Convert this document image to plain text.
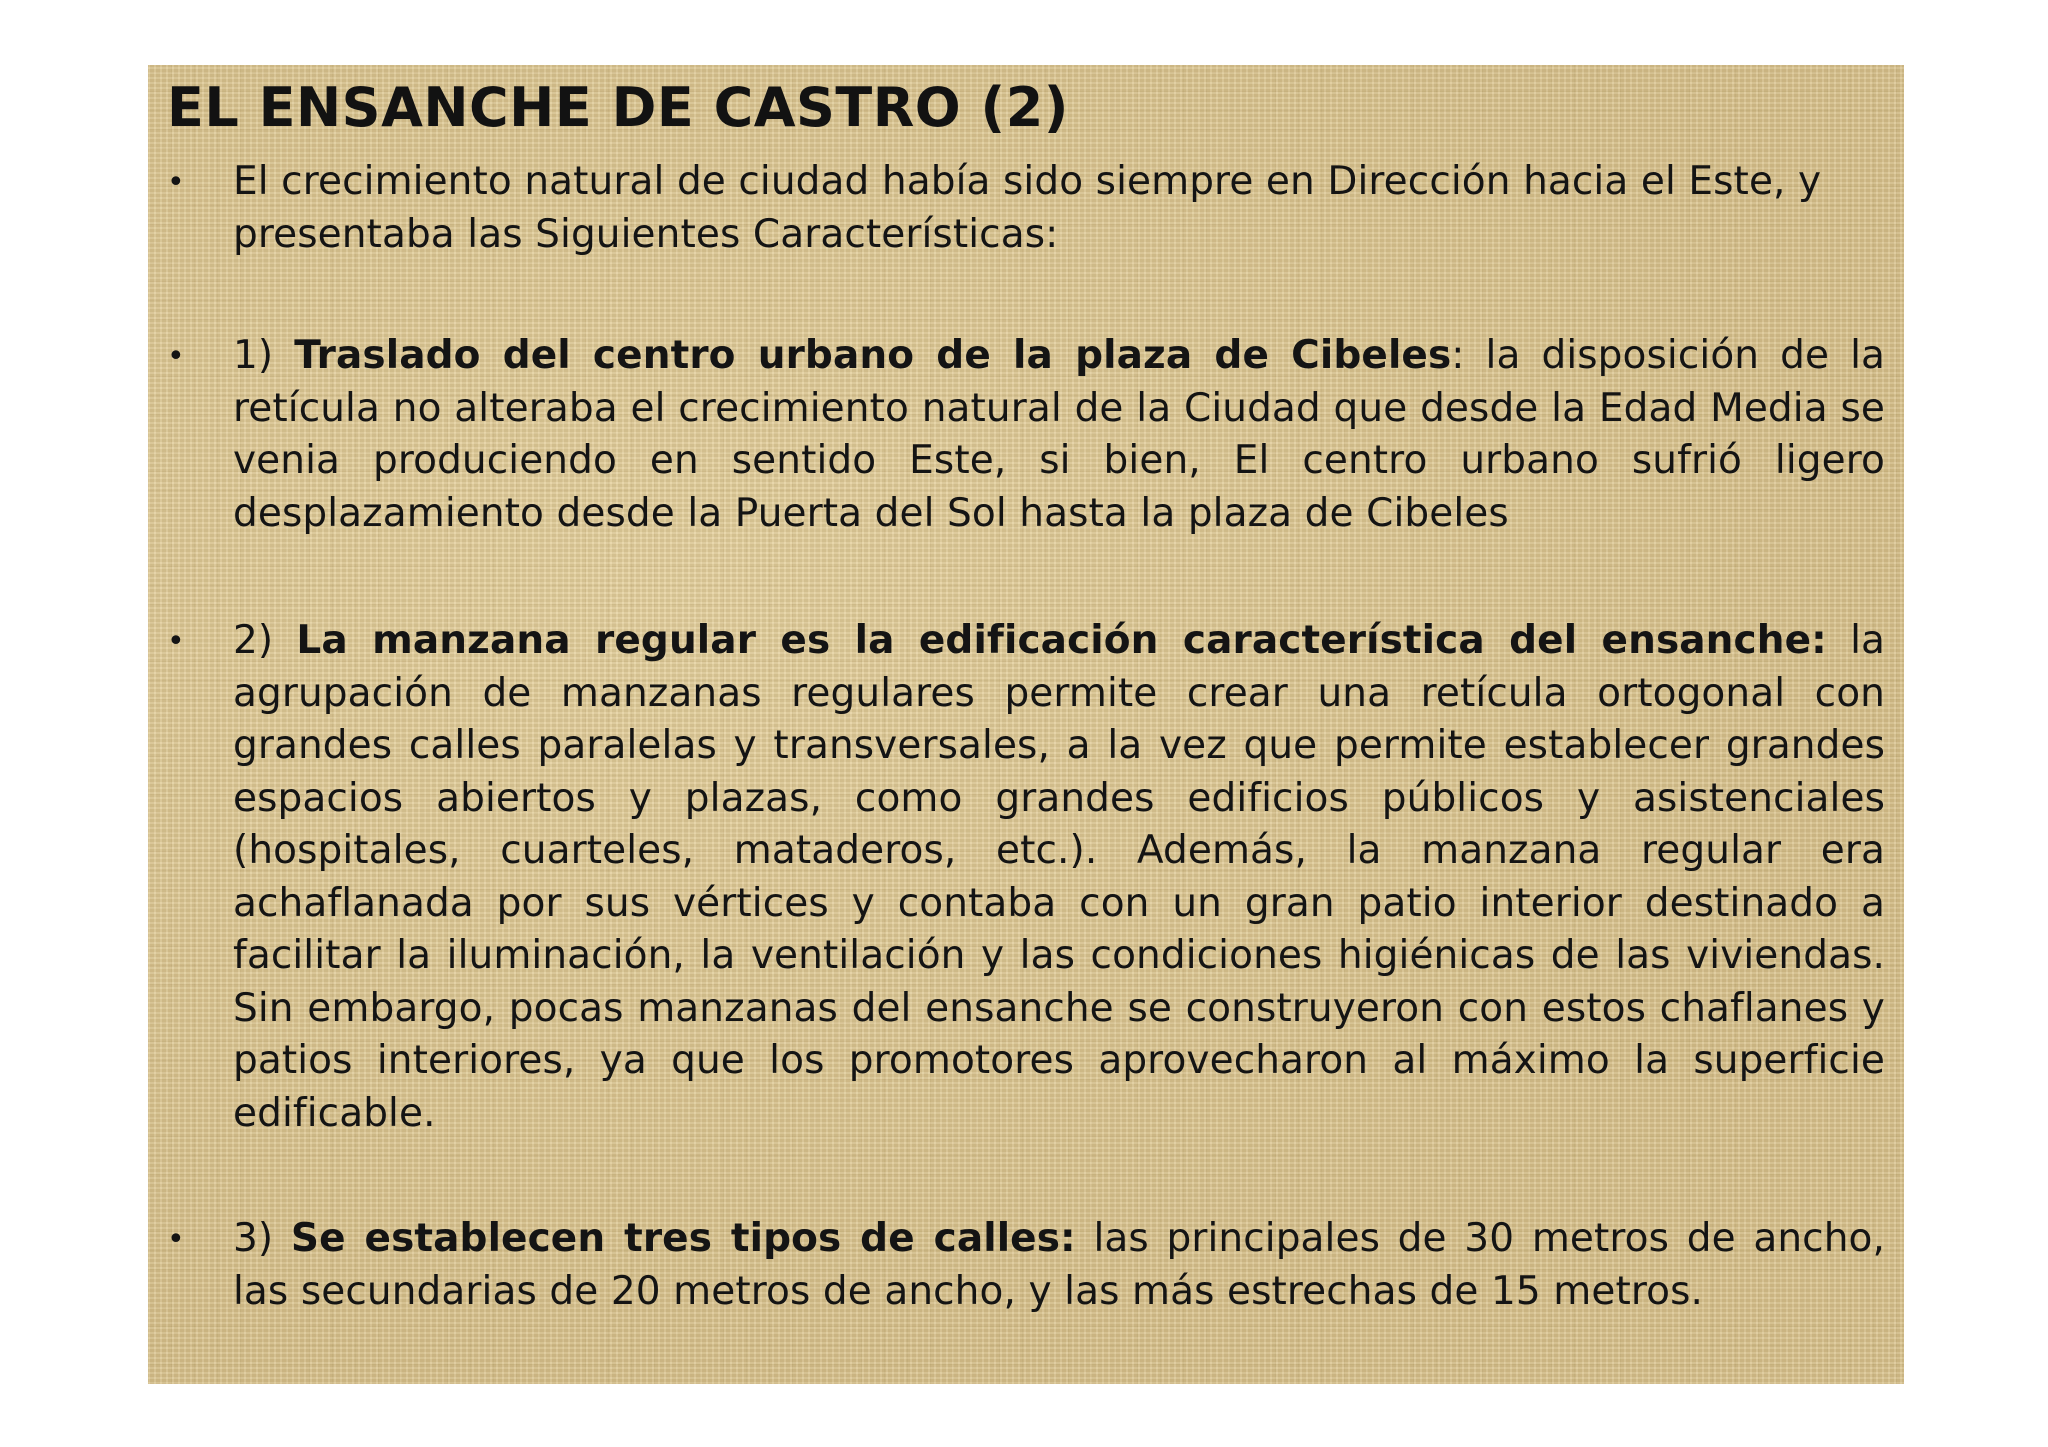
EL ENSANCHE DE CASTRO (2)
•	El crecimiento natural de ciudad había sido siempre en Dirección hacia el Este, y presentaba las Siguientes Características:
•	1) Traslado del centro urbano de la plaza de Cibeles: la disposición de la retícula no alteraba el crecimiento natural de la Ciudad que desde la Edad Media se venia produciendo en sentido Este, si bien, El centro urbano sufrió ligero desplazamiento desde la Puerta del Sol hasta la plaza de Cibeles
•	2) La manzana regular es la edificación característica del ensanche: la agrupación de manzanas regulares permite crear una retícula ortogonal con grandes calles paralelas y transversales, a la vez que permite establecer grandes espacios abiertos y plazas, como grandes edificios públicos y asistenciales (hospitales, cuarteles, mataderos, etc.). Además, la manzana regular era achaflanada por sus vértices y contaba con un gran patio interior destinado a facilitar la iluminación, la ventilación y las condiciones higiénicas de las viviendas. Sin embargo, pocas manzanas del ensanche se construyeron con estos chaflanes y patios interiores, ya que los promotores aprovecharon al máximo la superficie edificable.
•	3) Se establecen tres tipos de calles: las principales de 30 metros de ancho, las secundarias de 20 metros de ancho, y las más estrechas de 15 metros.
